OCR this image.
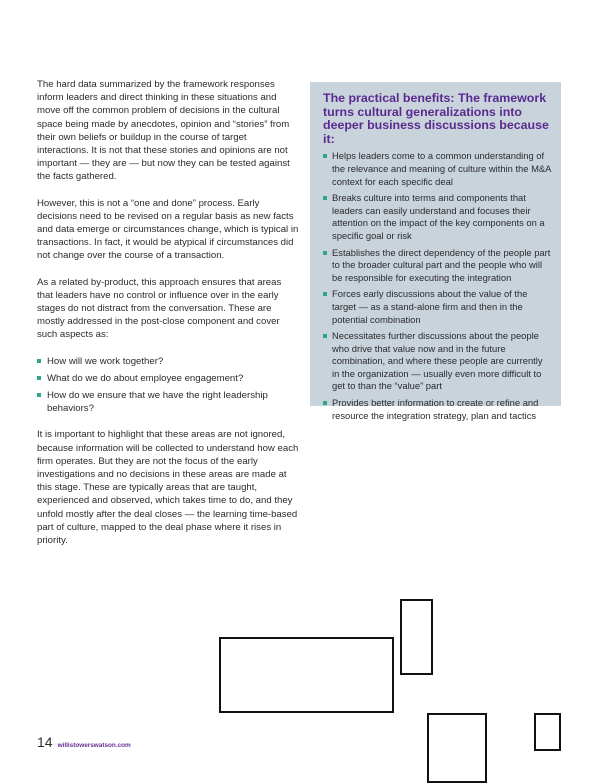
The hard data summarized by the framework responses inform leaders and direct thinking in these situations and move off the common problem of decisions in the cultural space being made by anecdotes, opinion and “stories” from their own beliefs or buildup in the course of target interactions. It is not that these stories and opinions are not important — they are — but now they can be tested against the facts gathered.

However, this is not a “one and done” process. Early decisions need to be revised on a regular basis as new facts and data emerge or circumstances change, which is typical in transactions. In fact, it would be atypical if circumstances did not change over the course of a transaction.

As a related by-product, this approach ensures that areas that leaders have no control or influence over in the early stages do not distract from the conversation. These are mostly addressed in the post-close component and cover such aspects as:

How will we work together?
What do we do about employee engagement?
How do we ensure that we have the right leadership behaviors?

It is important to highlight that these areas are not ignored, because information will be collected to understand how each firm operates. But they are not the focus of the early investigations and no decisions in these areas are made at this stage. These are typically areas that are taught, experienced and observed, which takes time to do, and they unfold mostly after the deal closes — the learning time-based part of culture, mapped to the deal phase where it rises in priority.

The practical benefits: The framework turns cultural generalizations into deeper business discussions because it:
Helps leaders come to a common understanding of the relevance and meaning of culture within the M&A context for each specific deal
Breaks culture into terms and components that leaders can easily understand and focuses their attention on the impact of the key components on a specific goal or risk
Establishes the direct dependency of the people part to the broader cultural part and the people who will be responsible for executing the integration
Forces early discussions about the value of the target — as a stand-alone firm and then in the potential combination
Necessitates further discussions about the people who drive that value now and in the future combination, and where these people are currently in the organization — usually even more difficult to get to than the “value” part
Provides better information to create or refine and resource the integration strategy, plan and tactics
14 willistowerswatson.com
